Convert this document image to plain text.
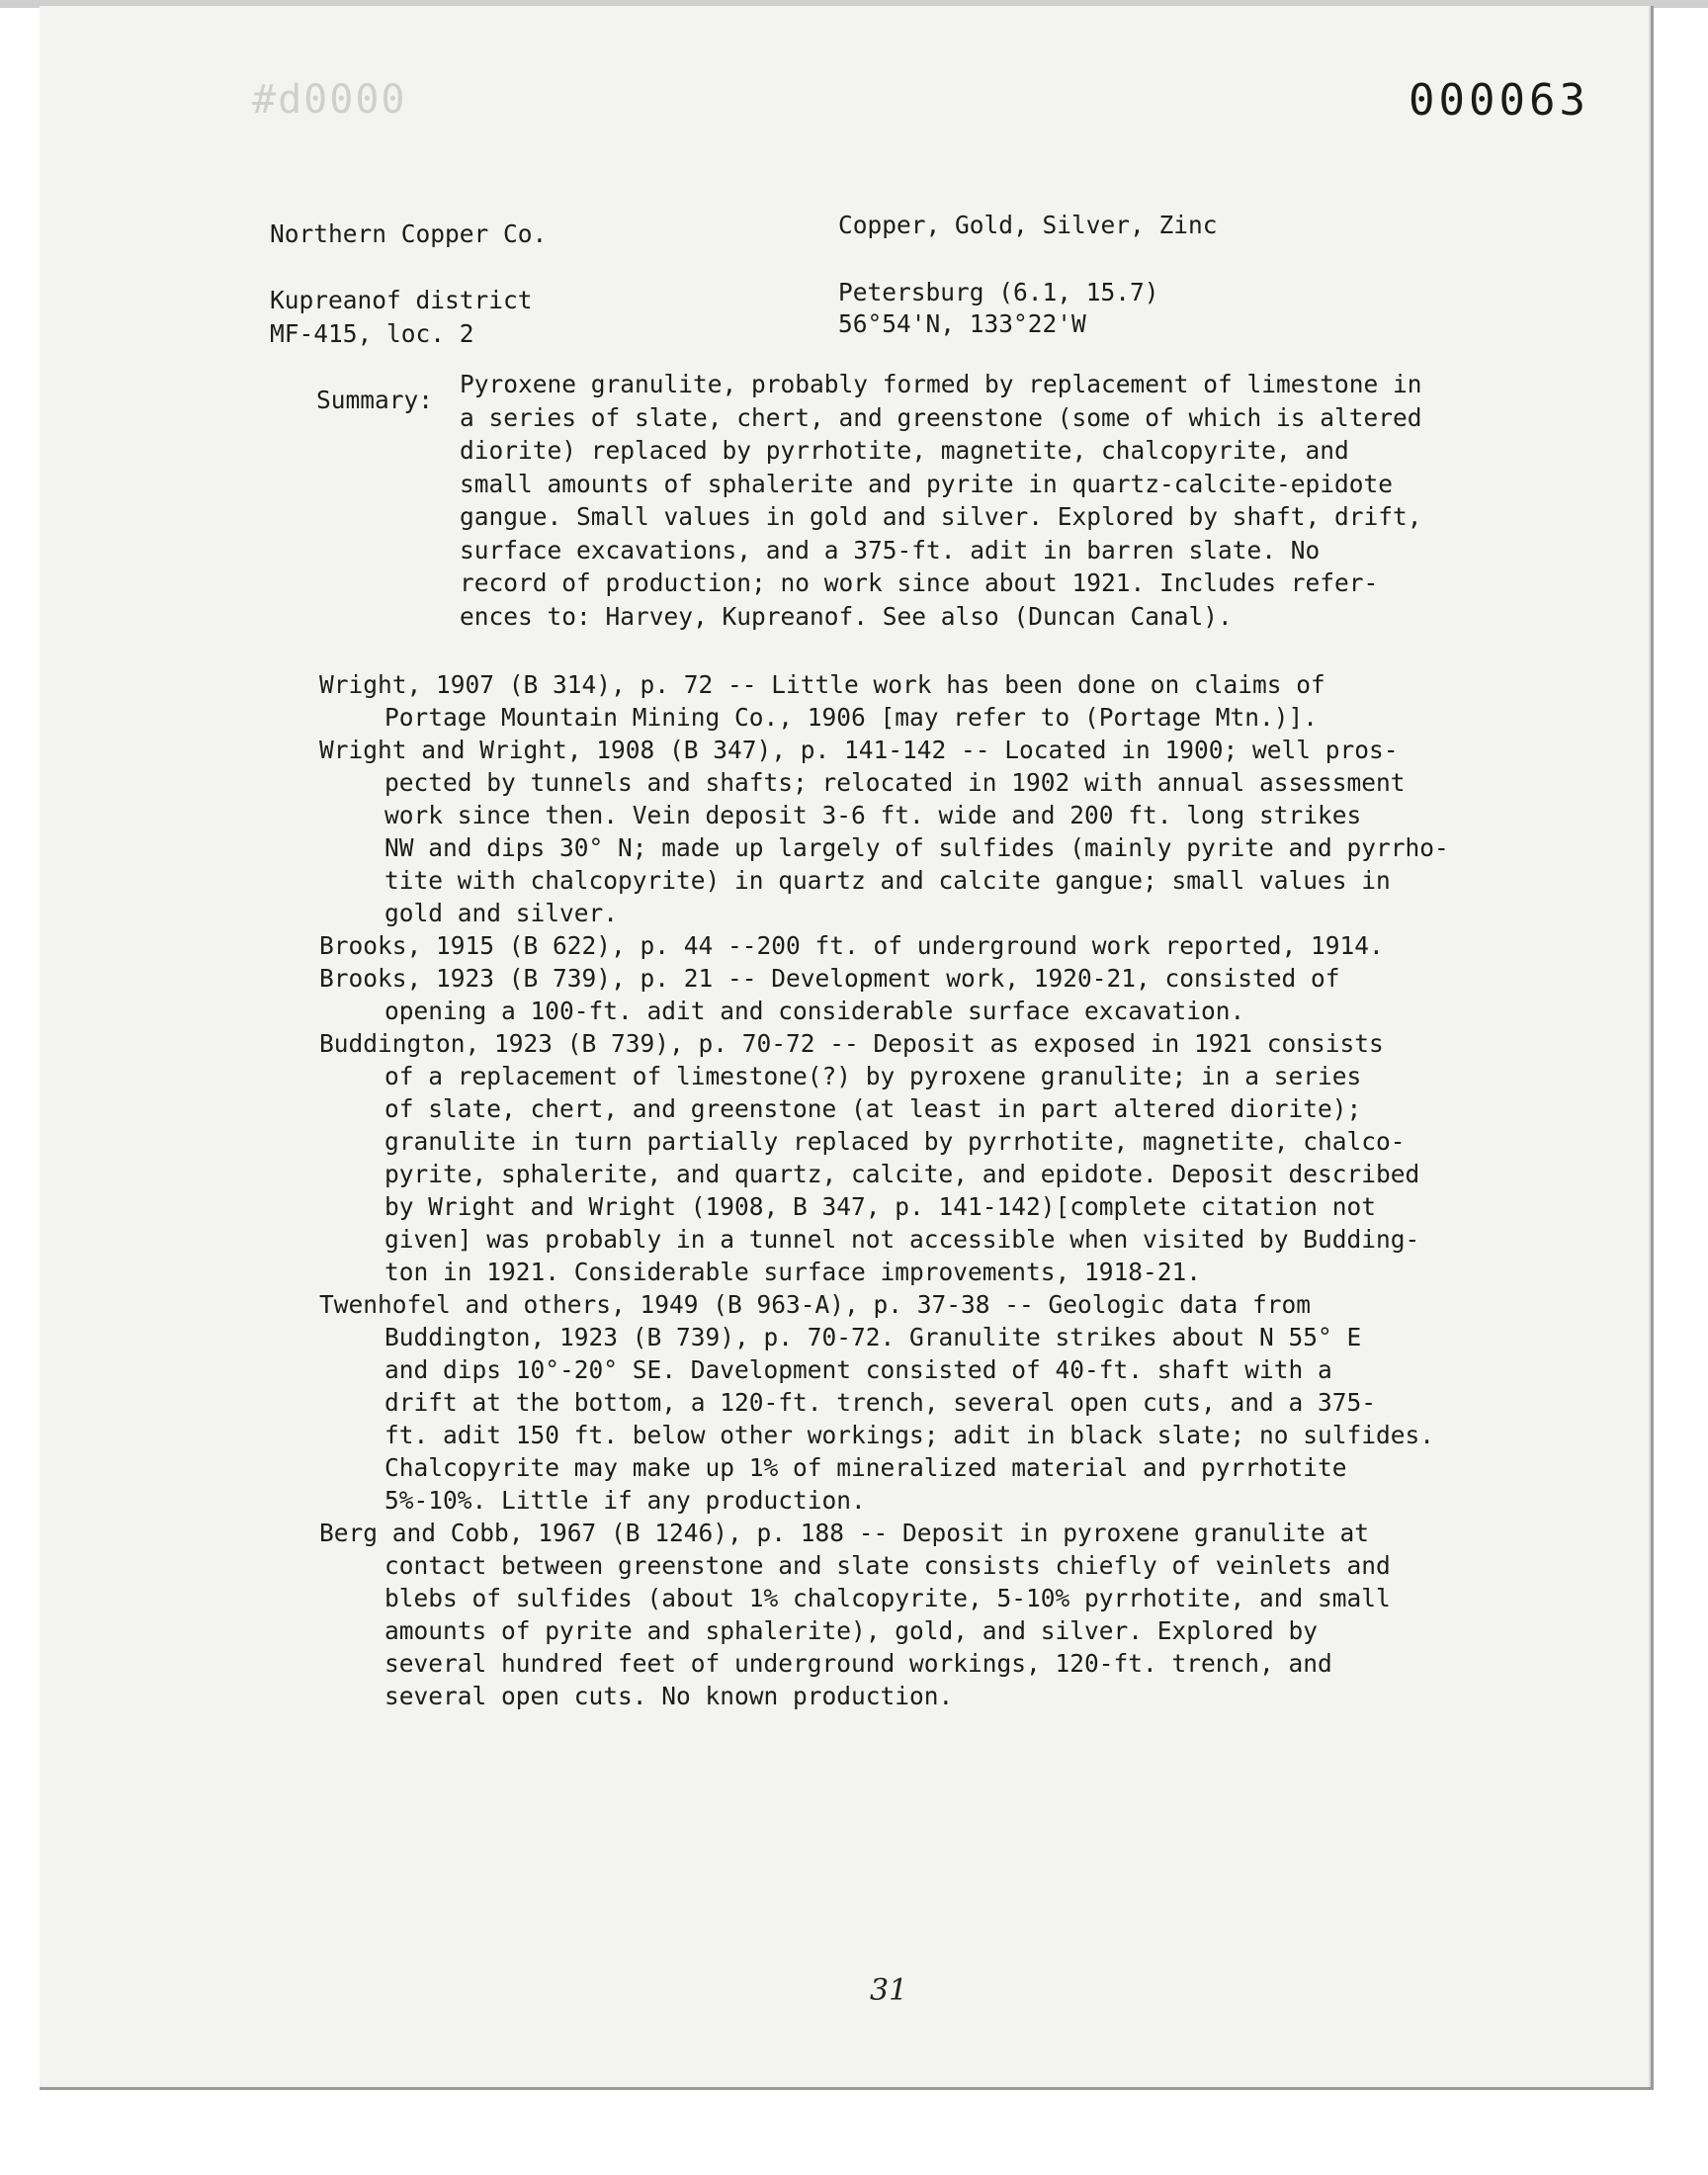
#d0000	000063
Northern Copper Co.	Copper, Gold, Silver, Zinc
Kupreanof district
MF-415, loc. 2
Petersburg (6.1, 15.7)
56°54'N, 133°22'W
Summary:
Pyroxene granulite, probably formed by replacement of limestone in
a series of slate, chert, and greenstone (some of which is altered
diorite) replaced by pyrrhotite, magnetite, chalcopyrite, and
small amounts of sphalerite and pyrite in quartz-calcite-epidote
gangue. Small values in gold and silver. Explored by shaft, drift,
surface excavations, and a 375-ft. adit in barren slate. No
record of production; no work since about 1921. Includes refer-
ences to: Harvey, Kupreanof. See also (Duncan Canal).

Wright, 1907 (B 314), p. 72 -- Little work has been done on claims of
Portage Mountain Mining Co., 1906 [may refer to (Portage Mtn.)].

Wright and Wright, 1908 (B 347), p. 141-142 -- Located in 1900; well pros-
pected by tunnels and shafts; relocated in 1902 with annual assessment
work since then. Vein deposit 3-6 ft. wide and 200 ft. long strikes
NW and dips 30° N; made up largely of sulfides (mainly pyrite and pyrrho-
tite with chalcopyrite) in quartz and calcite gangue; small values in
gold and silver.

Brooks, 1915 (B 622), p. 44 --200 ft. of underground work reported, 1914.

Brooks, 1923 (B 739), p. 21 -- Development work, 1920-21, consisted of
opening a 100-ft. adit and considerable surface excavation.

Buddington, 1923 (B 739), p. 70-72 -- Deposit as exposed in 1921 consists
of a replacement of limestone(?) by pyroxene granulite; in a series
of slate, chert, and greenstone (at least in part altered diorite);
granulite in turn partially replaced by pyrrhotite, magnetite, chalco-
pyrite, sphalerite, and quartz, calcite, and epidote. Deposit described
by Wright and Wright (1908, B 347, p. 141-142)[complete citation not
given] was probably in a tunnel not accessible when visited by Budding-
ton in 1921. Considerable surface improvements, 1918-21.

Twenhofel and others, 1949 (B 963-A), p. 37-38 -- Geologic data from
Buddington, 1923 (B 739), p. 70-72. Granulite strikes about N 55° E
and dips 10°-20° SE. Davelopment consisted of 40-ft. shaft with a
drift at the bottom, a 120-ft. trench, several open cuts, and a 375-
ft. adit 150 ft. below other workings; adit in black slate; no sulfides.
Chalcopyrite may make up 1% of mineralized material and pyrrhotite
5%-10%. Little if any production.

Berg and Cobb, 1967 (B 1246), p. 188 -- Deposit in pyroxene granulite at
contact between greenstone and slate consists chiefly of veinlets and
blebs of sulfides (about 1% chalcopyrite, 5-10% pyrrhotite, and small
amounts of pyrite and sphalerite), gold, and silver. Explored by
several hundred feet of underground workings, 120-ft. trench, and
several open cuts. No known production.

31
